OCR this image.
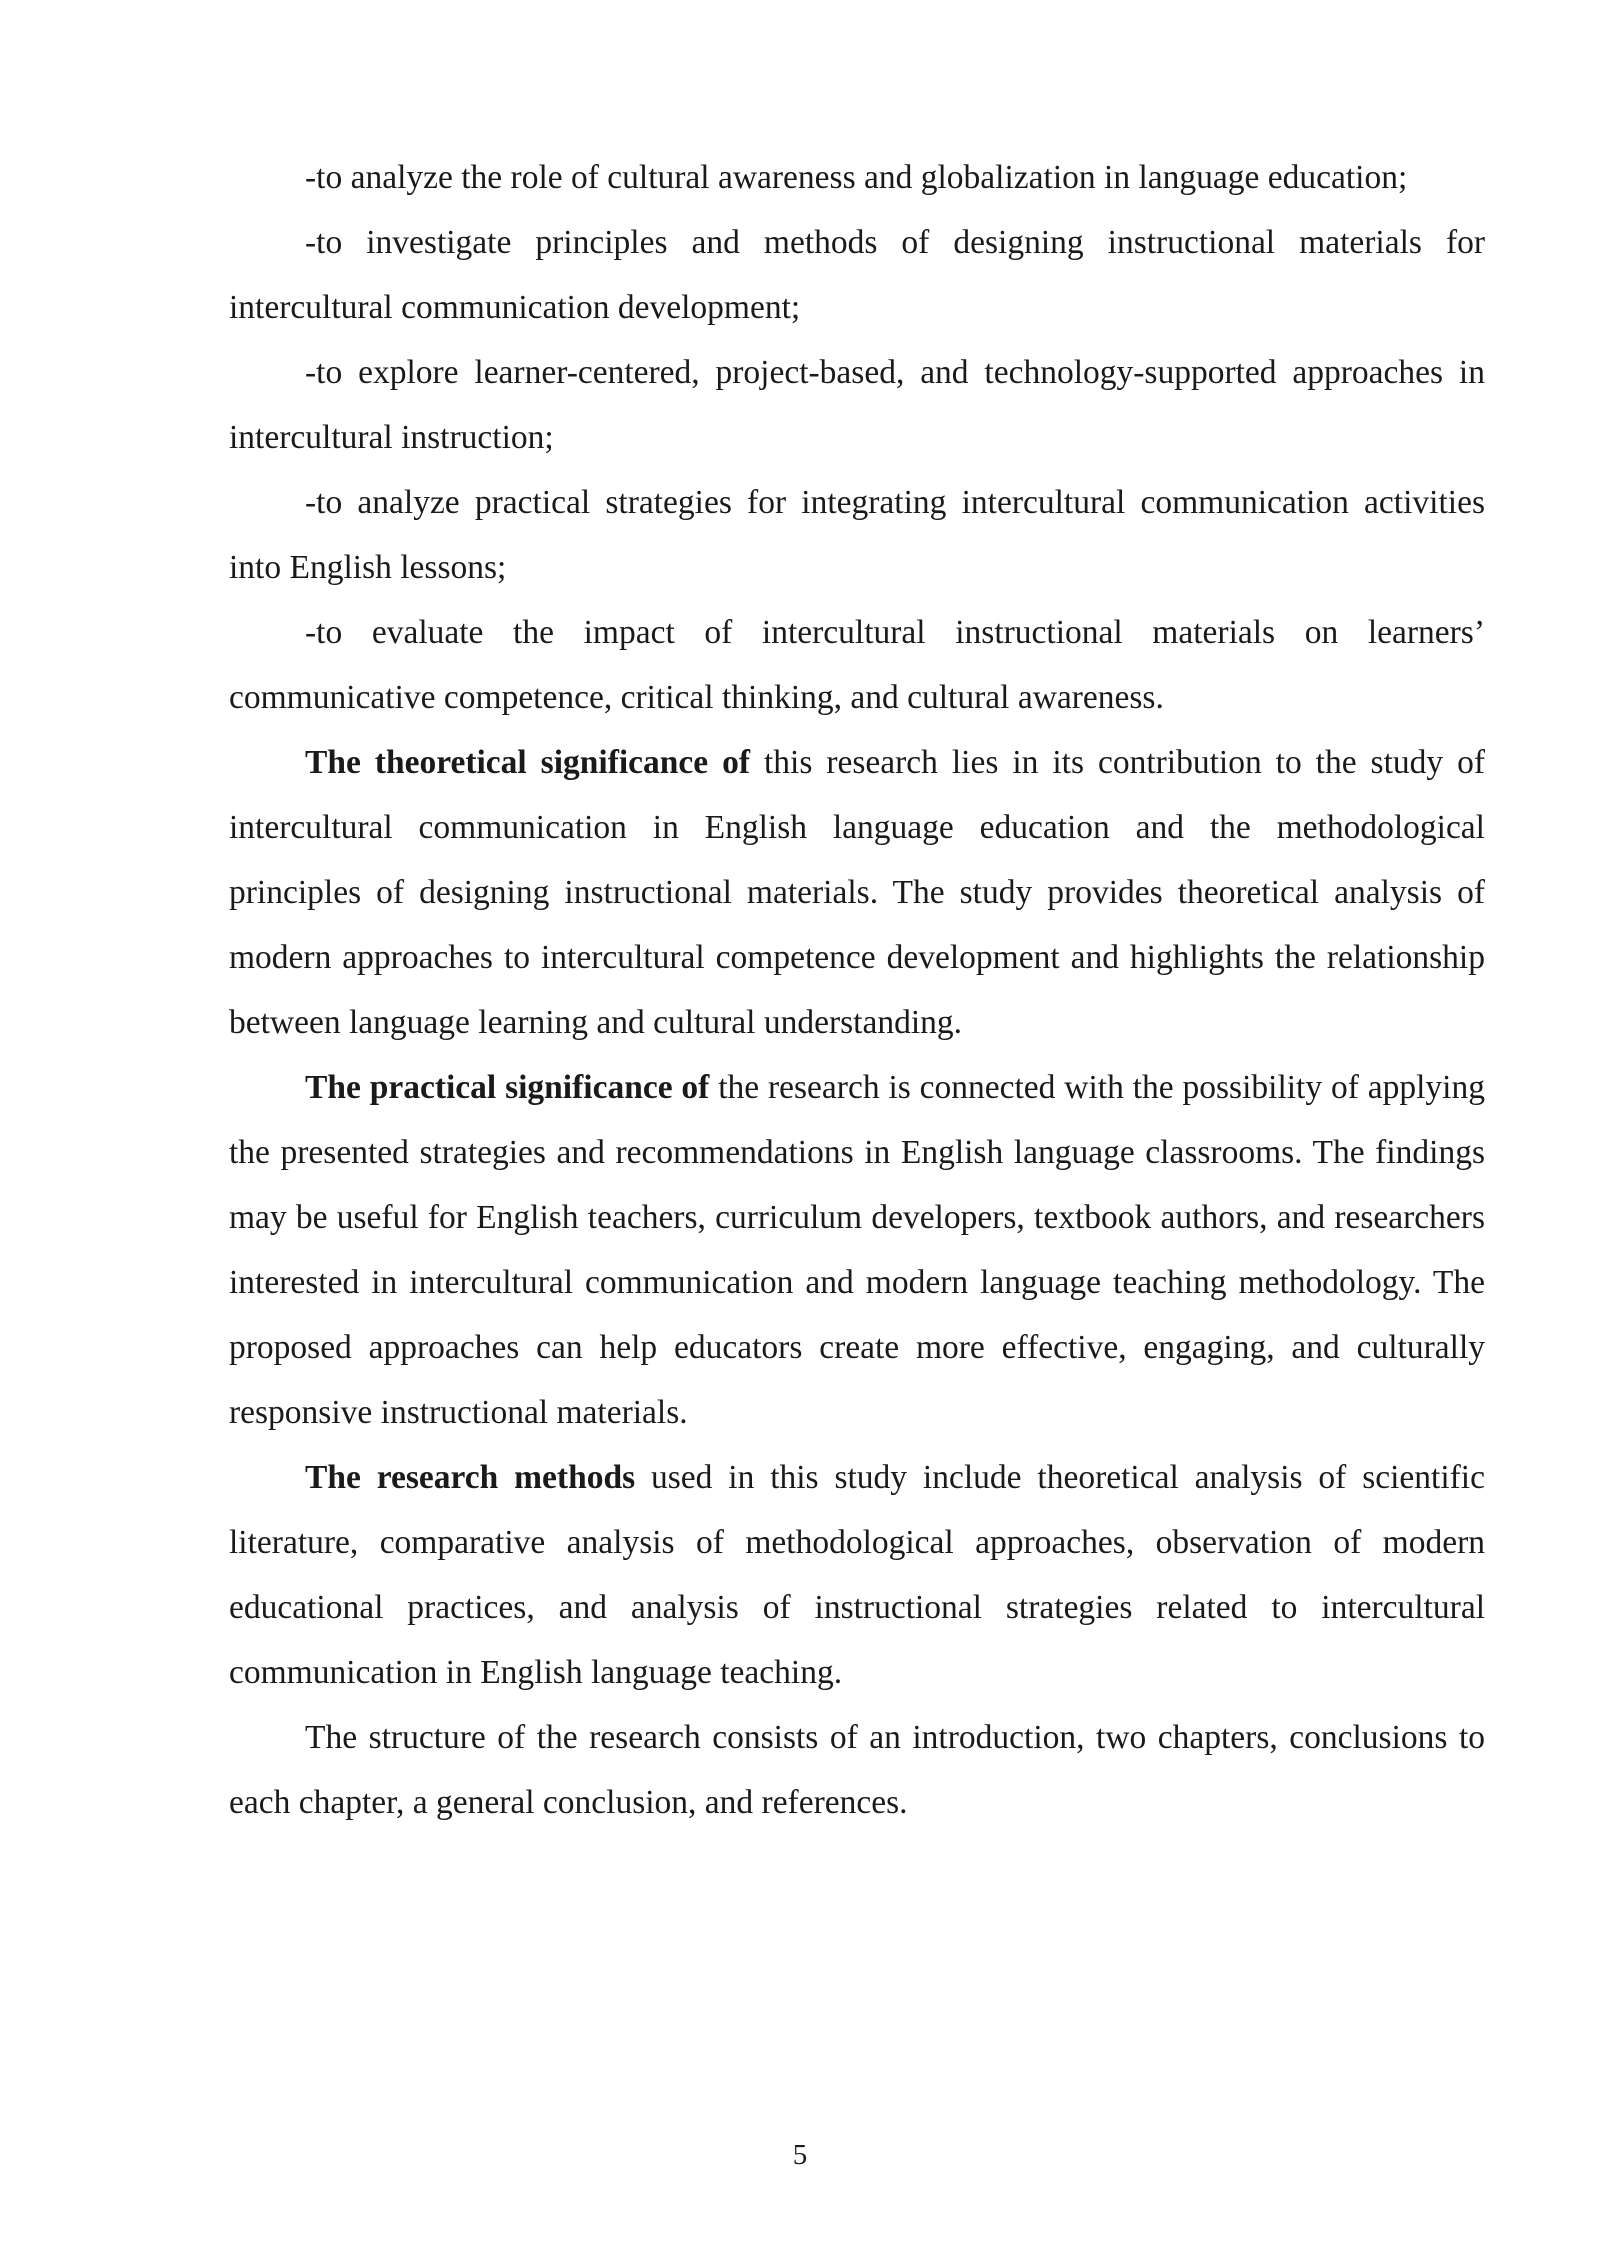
-to analyze the role of cultural awareness and globalization in language education;

-to investigate principles and methods of designing instructional materials for intercultural communication development;

-to explore learner-centered, project-based, and technology-supported approaches in intercultural instruction;

-to analyze practical strategies for integrating intercultural communication activities into English lessons;

-to evaluate the impact of intercultural instructional materials on learners’ communicative competence, critical thinking, and cultural awareness.

The theoretical significance of this research lies in its contribution to the study of intercultural communication in English language education and the methodological principles of designing instructional materials. The study provides theoretical analysis of modern approaches to intercultural competence development and highlights the relationship between language learning and cultural understanding.

The practical significance of the research is connected with the possibility of applying the presented strategies and recommendations in English language classrooms. The findings may be useful for English teachers, curriculum developers, textbook authors, and researchers interested in intercultural communication and modern language teaching methodology. The proposed approaches can help educators create more effective, engaging, and culturally responsive instructional materials.

The research methods used in this study include theoretical analysis of scientific literature, comparative analysis of methodological approaches, observation of modern educational practices, and analysis of instructional strategies related to intercultural communication in English language teaching.

The structure of the research consists of an introduction, two chapters, conclusions to each chapter, a general conclusion, and references.

5
